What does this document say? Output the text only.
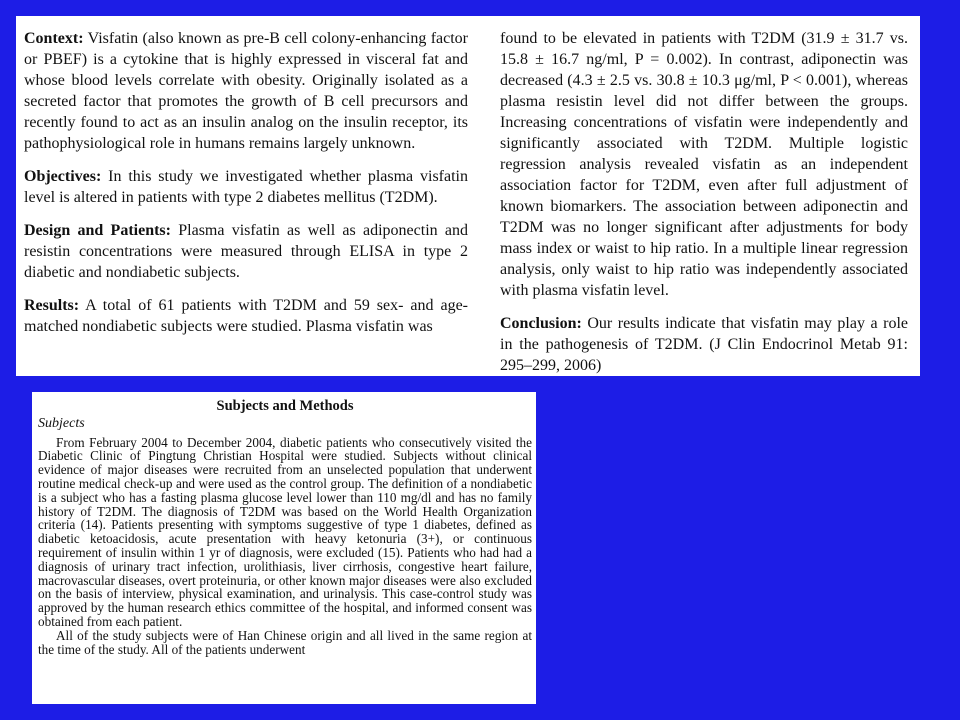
Context: Visfatin (also known as pre-B cell colony-enhancing factor or PBEF) is a cytokine that is highly expressed in visceral fat and whose blood levels correlate with obesity. Originally isolated as a secreted factor that promotes the growth of B cell precursors and recently found to act as an insulin analog on the insulin receptor, its pathophysiological role in humans remains largely unknown.

Objectives: In this study we investigated whether plasma visfatin level is altered in patients with type 2 diabetes mellitus (T2DM).

Design and Patients: Plasma visfatin as well as adiponectin and resistin concentrations were measured through ELISA in type 2 diabetic and nondiabetic subjects.

Results: A total of 61 patients with T2DM and 59 sex- and age-matched nondiabetic subjects were studied. Plasma visfatin was

found to be elevated in patients with T2DM (31.9 ± 31.7 vs. 15.8 ± 16.7 ng/ml, P = 0.002). In contrast, adiponectin was decreased (4.3 ± 2.5 vs. 30.8 ± 10.3 μg/ml, P < 0.001), whereas plasma resistin level did not differ between the groups. Increasing concentrations of visfatin were independently and significantly associated with T2DM. Multiple logistic regression analysis revealed visfatin as an independent association factor for T2DM, even after full adjustment of known biomarkers. The association between adiponectin and T2DM was no longer significant after adjustments for body mass index or waist to hip ratio. In a multiple linear regression analysis, only waist to hip ratio was independently associated with plasma visfatin level.

Conclusion: Our results indicate that visfatin may play a role in the pathogenesis of T2DM. (J Clin Endocrinol Metab 91: 295–299, 2006)

Subjects and Methods
Subjects

From February 2004 to December 2004, diabetic patients who consecutively visited the Diabetic Clinic of Pingtung Christian Hospital were studied. Subjects without clinical evidence of major diseases were recruited from an unselected population that underwent routine medical check-up and were used as the control group. The definition of a nondiabetic is a subject who has a fasting plasma glucose level lower than 110 mg/dl and has no family history of T2DM. The diagnosis of T2DM was based on the World Health Organization criteria (14). Patients presenting with symptoms suggestive of type 1 diabetes, defined as diabetic ketoacidosis, acute presentation with heavy ketonuria (3+), or continuous requirement of insulin within 1 yr of diagnosis, were excluded (15). Patients who had had a diagnosis of urinary tract infection, urolithiasis, liver cirrhosis, congestive heart failure, macrovascular diseases, overt proteinuria, or other known major diseases were also excluded on the basis of interview, physical examination, and urinalysis. This case-control study was approved by the human research ethics committee of the hospital, and informed consent was obtained from each patient.

All of the study subjects were of Han Chinese origin and all lived in the same region at the time of the study. All of the patients underwent
